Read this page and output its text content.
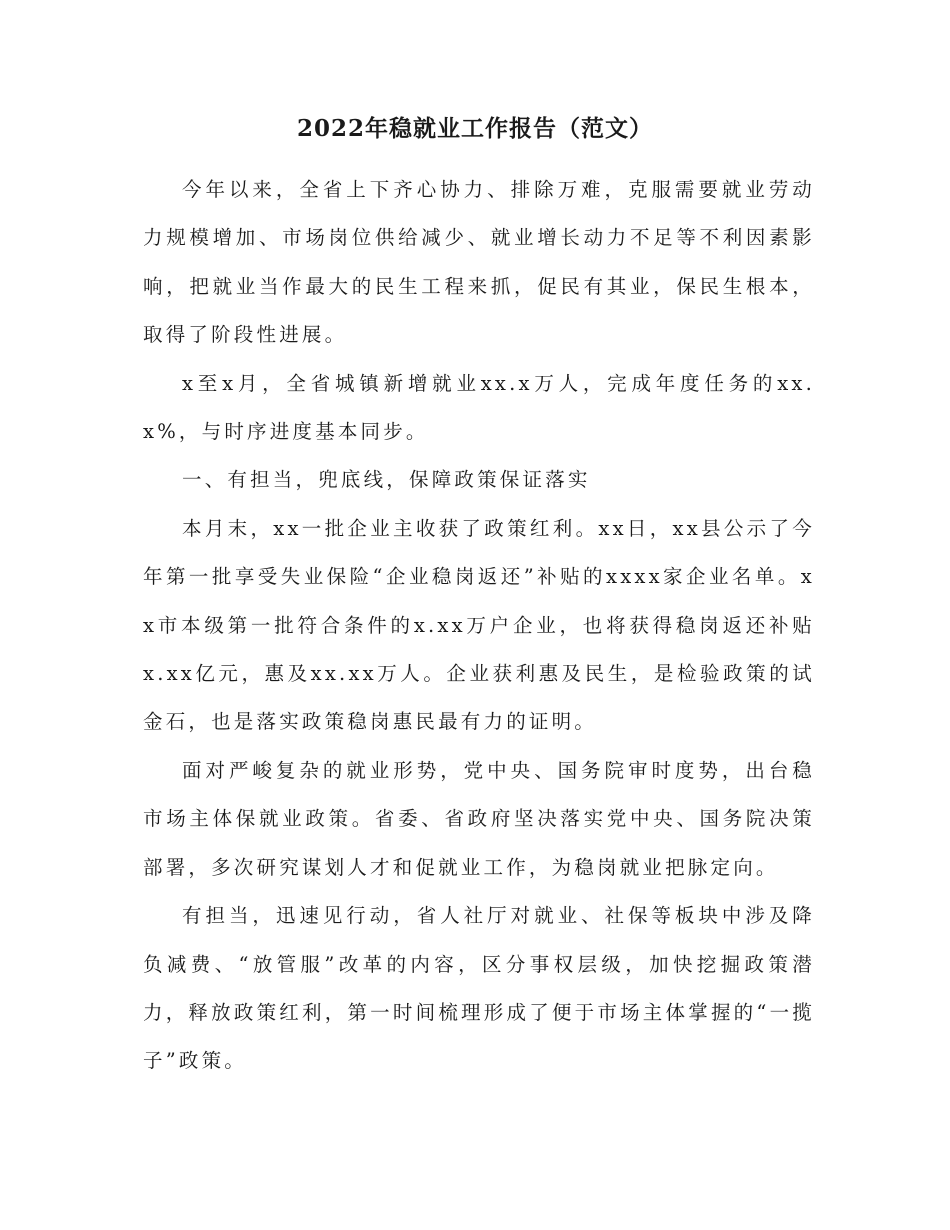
2022年稳就业工作报告（范文）

今年以来，全省上下齐心协力、排除万难，克服需要就业劳动力规模增加、市场岗位供给减少、就业增长动力不足等不利因素影响，把就业当作最大的民生工程来抓，促民有其业，保民生根本，取得了阶段性进展。

x至x月，全省城镇新增就业xx.x万人，完成年度任务的xx.x%，与时序进度基本同步。

一、有担当，兜底线，保障政策保证落实

本月末，xx一批企业主收获了政策红利。xx日，xx县公示了今年第一批享受失业保险“企业稳岗返还”补贴的xxxx家企业名单。xx市本级第一批符合条件的x.xx万户企业，也将获得稳岗返还补贴x.xx亿元，惠及xx.xx万人。企业获利惠及民生，是检验政策的试金石，也是落实政策稳岗惠民最有力的证明。

面对严峻复杂的就业形势，党中央、国务院审时度势，出台稳市场主体保就业政策。省委、省政府坚决落实党中央、国务院决策部署，多次研究谋划人才和促就业工作，为稳岗就业把脉定向。

有担当，迅速见行动，省人社厅对就业、社保等板块中涉及降负减费、“放管服”改革的内容，区分事权层级，加快挖掘政策潜力，释放政策红利，第一时间梳理形成了便于市场主体掌握的“一揽子”政策。
